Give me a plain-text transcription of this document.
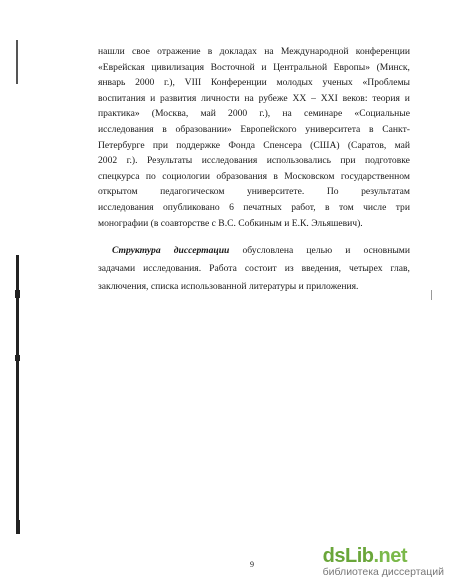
нашли свое отражение в докладах на Международной конференции
«Еврейская цивилизация Восточной и Центральной Европы» (Минск,
январь 2000 г.), VIII Конференции молодых ученых «Проблемы
воспитания и развития личности на рубеже XX – XXI веков: теория и
практика» (Москва, май 2000 г.), на семинаре «Социальные
исследования в образовании» Европейского университета в Санкт-
Петербурге при поддержке Фонда Спенсера (США) (Саратов, май
2002 г.). Результаты исследования использовались при подготовке
спецкурса по социологии образования в Московском государственном
открытом педагогическом университете. По результатам
исследования опубликовано 6 печатных работ, в том числе три
монографии (в соавторстве с В.С. Собкиным и Е.К. Эльяшевич).
Структура диссертации обусловлена целью и основными
задачами исследования. Работа состоит из введения, четырех глав,
заключения, списка использованной литературы и приложения.
9	dsLib.net
библиотека диссертаций
